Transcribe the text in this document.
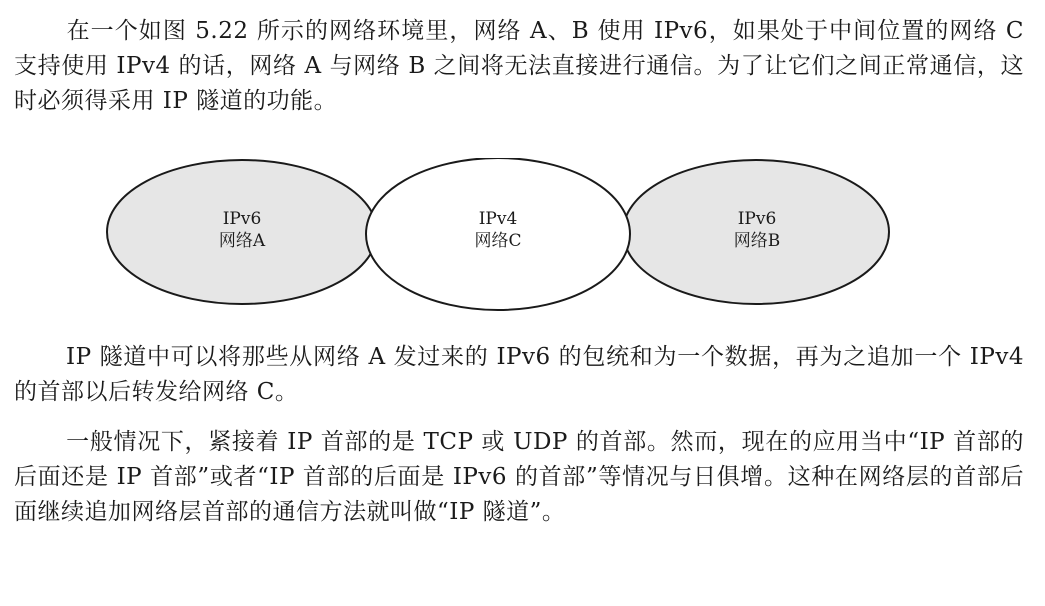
在一个如图 5.22 所示的网络环境里，网络 A、B 使用 IPv6，如果处于中间位置的网络 C 支持使用 IPv4 的话，网络 A 与网络 B 之间将无法直接进行通信。为了让它们之间正常通信，这时必须得采用 IP 隧道的功能。

IPv6
网络A
IPv4
网络C
IPv6
网络B

IP 隧道中可以将那些从网络 A 发过来的 IPv6 的包统和为一个数据，再为之追加一个 IPv4 的首部以后转发给网络 C。

一般情况下，紧接着 IP 首部的是 TCP 或 UDP 的首部。然而，现在的应用当中“IP 首部的后面还是 IP 首部”或者“IP 首部的后面是 IPv6 的首部”等情况与日俱增。这种在网络层的首部后面继续追加网络层首部的通信方法就叫做“IP 隧道”。
